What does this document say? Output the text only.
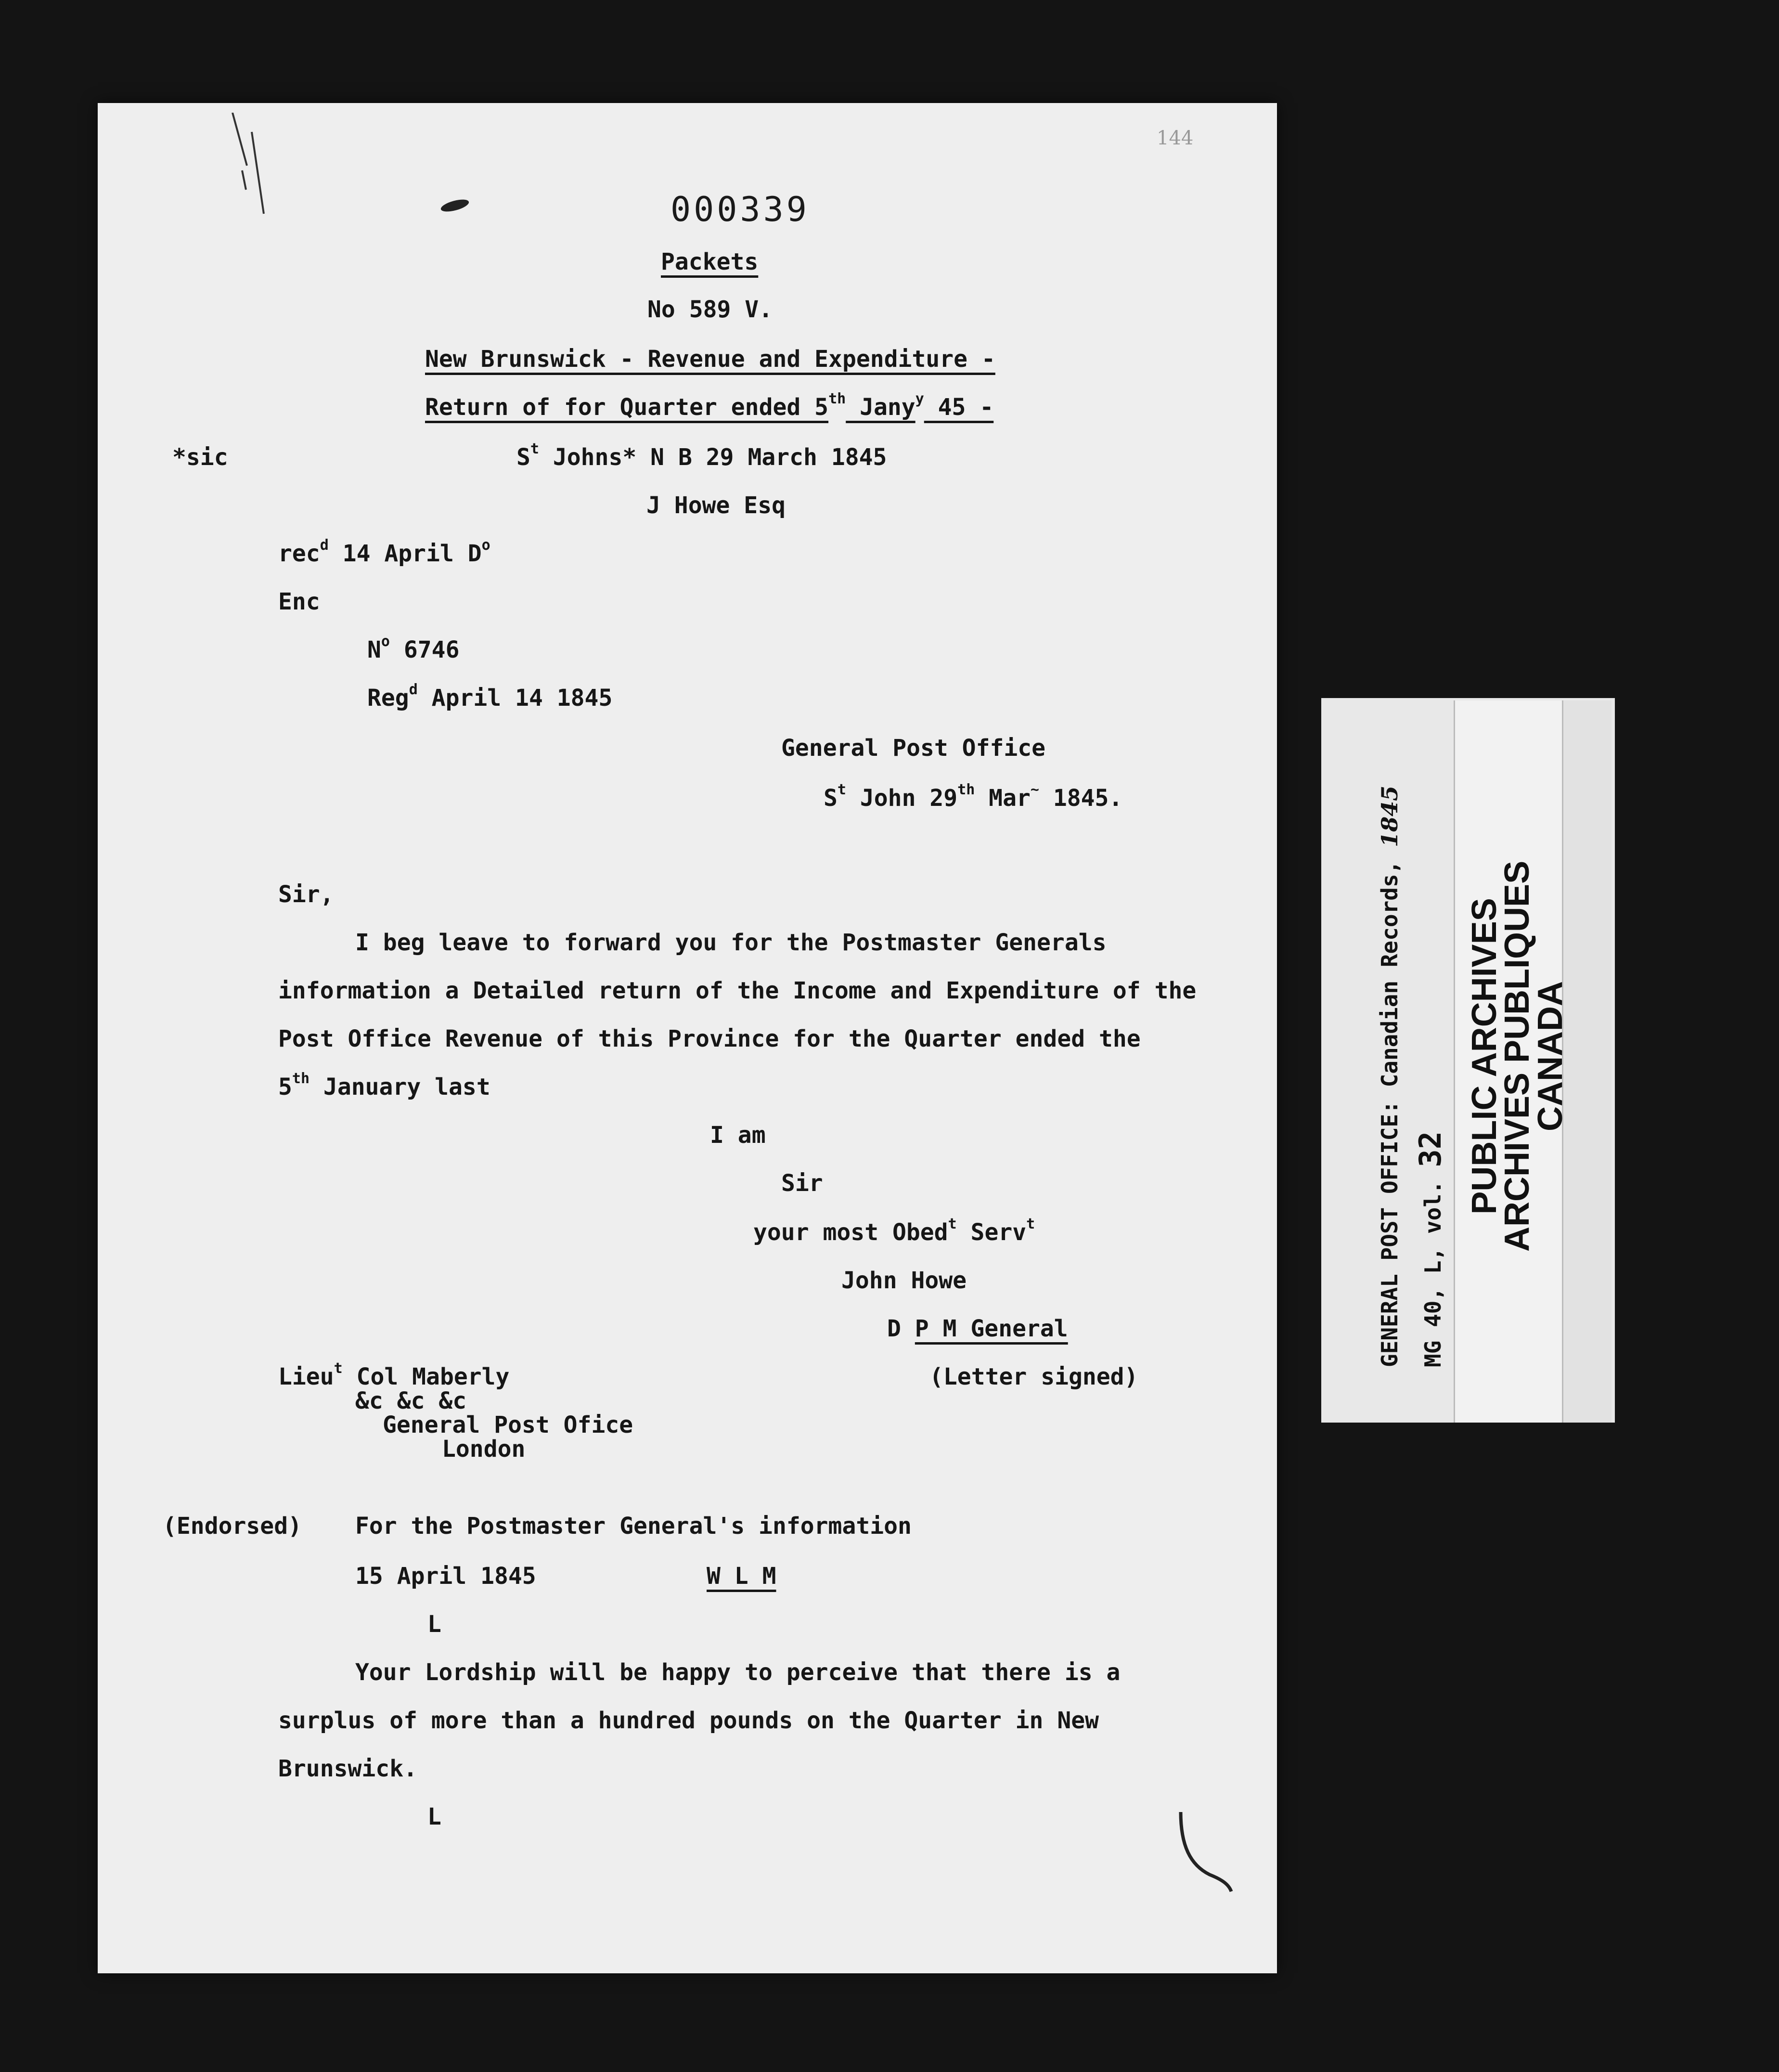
144
000339
Packets
No 589 V.
New Brunswick - Revenue and Expenditure -
Return of for Quarter ended 5th Jany$^y$ 45 -
*sic	$S^t$ Johns* N B 29 March 1845
J Howe Esq
rec$^d$ 14 April $D^o$
Enc
$N^o$ 6746
Reg$^d$ April 14 1845
General Post Office
$S^t$ John 29th Mar~ 1845.
Sir,
I beg leave to forward you for the Postmaster Generals
information a Detailed return of the Income and Expenditure of the
Post Office Revenue of this Province for the Quarter ended the
5th January last
I am
Sir
your most Obed$^t$ Serv$^t$
John Howe
D P M General
(Letter signed)
Lieu$^t$ Col Maberly
&c &c &c
General Post Ofice
London
(Endorsed) For the Postmaster General's information
15 April 1845	W L M
L
Your Lordship will be happy to perceive that there is a
surplus of more than a hundred pounds on the Quarter in New
Brunswick.
L
GENERAL POST OFFICE: Canadian Records, 1845
MG 40, L, vol. 32 PUBLIC ARCHIVES
ARCHIVES PUBLIQUES
CANADA
